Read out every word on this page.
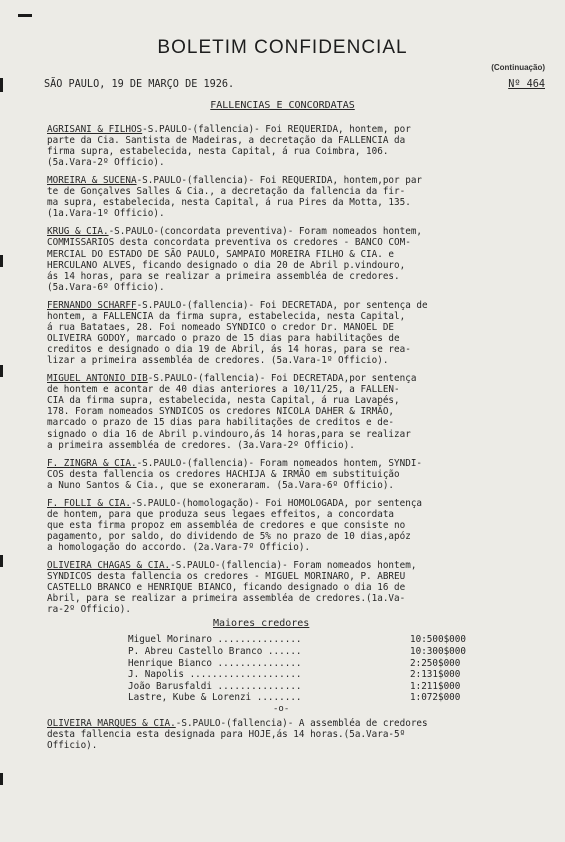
BOLETIM CONFIDENCIAL
(Continuação)
SÃO PAULO, 19 DE MARÇO DE 1926.	Nº 464
FALLENCIAS E CONCORDATAS
AGRISANI & FILHOS-S.PAULO-(fallencia)- Foi REQUERIDA, hontem, por
parte da Cia. Santista de Madeiras, a decretação da FALLENCIA da
firma supra, estabelecida, nesta Capital, á rua Coimbra, 106.
(5a.Vara-2º Officio).
MOREIRA & SUCENA-S.PAULO-(fallencia)- Foi REQUERIDA, hontem,por par
te de Gonçalves Salles & Cia., a decretação da fallencia da fir-
ma supra, estabelecida, nesta Capital, á rua Pires da Motta, 135.
(1a.Vara-1º Officio).
KRUG & CIA.-S.PAULO-(concordata preventiva)- Foram nomeados hontem,
COMMISSARIOS desta concordata preventiva os credores - BANCO COM-
MERCIAL DO ESTADO DE SÃO PAULO, SAMPAIO MOREIRA FILHO & CIA. e
HERCULANO ALVES, ficando designado o dia 20 de Abril p.vindouro,
ás 14 horas, para se realizar a primeira assembléa de credores.
(5a.Vara-6º Officio).
FERNANDO SCHARFF-S.PAULO-(fallencia)- Foi DECRETADA, por sentença de
hontem, a FALLENCIA da firma supra, estabelecida, nesta Capital,
á rua Batataes, 28. Foi nomeado SYNDICO o credor Dr. MANOEL DE
OLIVEIRA GODOY, marcado o prazo de 15 dias para habilitações de
creditos e designado o dia 19 de Abril, ás 14 horas, para se rea-
lizar a primeira assembléa de credores. (5a.Vara-1º Officio).
MIGUEL ANTONIO DIB-S.PAULO-(fallencia)- Foi DECRETADA,por sentença
de hontem e acontar de 40 dias anteriores a 10/11/25, a FALLEN-
CIA da firma supra, estabelecida, nesta Capital, á rua Lavapés,
178. Foram nomeados SYNDICOS os credores NICOLA DAHER & IRMÃO,
marcado o prazo de 15 dias para habilitações de creditos e de-
signado o dia 16 de Abril p.vindouro,ás 14 horas,para se realizar
a primeira assembléa de credores. (3a.Vara-2º Officio).
F. ZINGRA & CIA.-S.PAULO-(fallencia)- Foram nomeados hontem, SYNDI-
COS desta fallencia os credores HACHIJA & IRMÃO em substituição
a Nuno Santos & Cia., que se exoneraram. (5a.Vara-6º Officio).
F. FOLLI & CIA.-S.PAULO-(homologação)- Foi HOMOLOGADA, por sentença
de hontem, para que produza seus legaes effeitos, a concordata
que esta firma propoz em assembléa de credores e que consiste no
pagamento, por saldo, do dividendo de 5% no prazo de 10 dias,apóz
a homologação do accordo. (2a.Vara-7º Officio).
OLIVEIRA CHAGAS & CIA.-S.PAULO-(fallencia)- Foram nomeados hontem,
SYNDICOS desta fallencia os credores - MIGUEL MORINARO, P. ABREU
CASTELLO BRANCO e HENRIQUE BIANCO, ficando designado o dia 16 de
Abril, para se realizar a primeira assembléa de credores.(1a.Va-
ra-2º Officio).
Maiores credores
Miguel Morinaro ...............	10:500$000
P. Abreu Castello Branco ......	10:300$000
Henrique Bianco ...............	2:250$000
J. Napolis ....................	2:131$000
João Barusfaldi ...............	1:211$000
Lastre, Kube & Lorenzi ........	1:072$000
-o-
OLIVEIRA MARQUES & CIA.-S.PAULO-(fallencia)- A assembléa de credores
desta fallencia esta designada para HOJE,ás 14 horas.(5a.Vara-5º
Officio).
